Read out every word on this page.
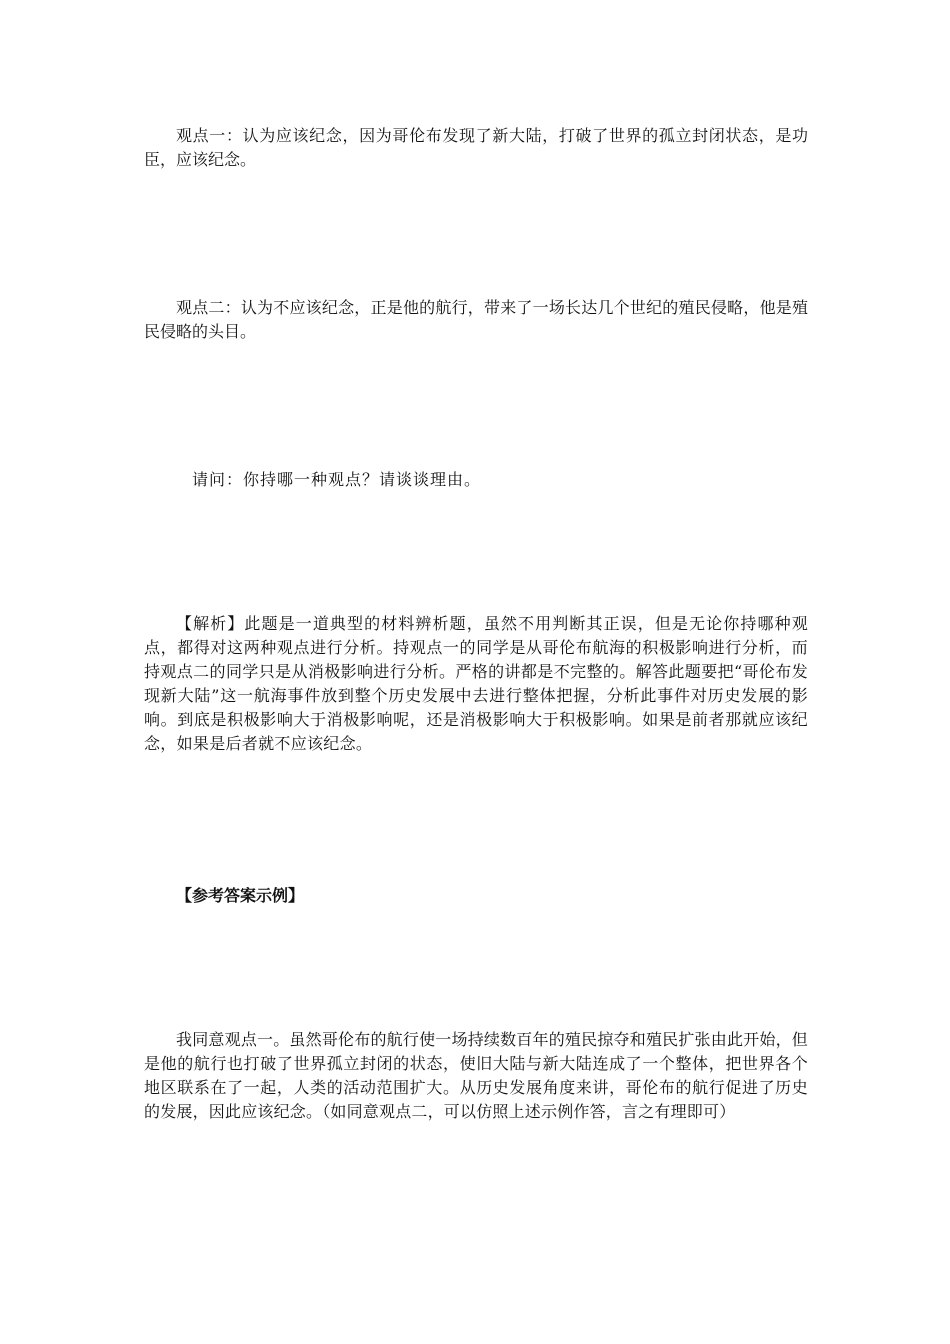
观点一：认为应该纪念，因为哥伦布发现了新大陆，打破了世界的孤立封闭状态，是功臣，应该纪念。

观点二：认为不应该纪念，正是他的航行，带来了一场长达几个世纪的殖民侵略，他是殖民侵略的头目。

请问：你持哪一种观点？请谈谈理由。

【解析】此题是一道典型的材料辨析题，虽然不用判断其正误，但是无论你持哪种观点，都得对这两种观点进行分析。持观点一的同学是从哥伦布航海的积极影响进行分析，而持观点二的同学只是从消极影响进行分析。严格的讲都是不完整的。解答此题要把“哥伦布发现新大陆”这一航海事件放到整个历史发展中去进行整体把握，分析此事件对历史发展的影响。到底是积极影响大于消极影响呢，还是消极影响大于积极影响。如果是前者那就应该纪念，如果是后者就不应该纪念。

【参考答案示例】

我同意观点一。虽然哥伦布的航行使一场持续数百年的殖民掠夺和殖民扩张由此开始，但是他的航行也打破了世界孤立封闭的状态，使旧大陆与新大陆连成了一个整体，把世界各个地区联系在了一起，人类的活动范围扩大。从历史发展角度来讲，哥伦布的航行促进了历史的发展，因此应该纪念。（如同意观点二，可以仿照上述示例作答，言之有理即可）
